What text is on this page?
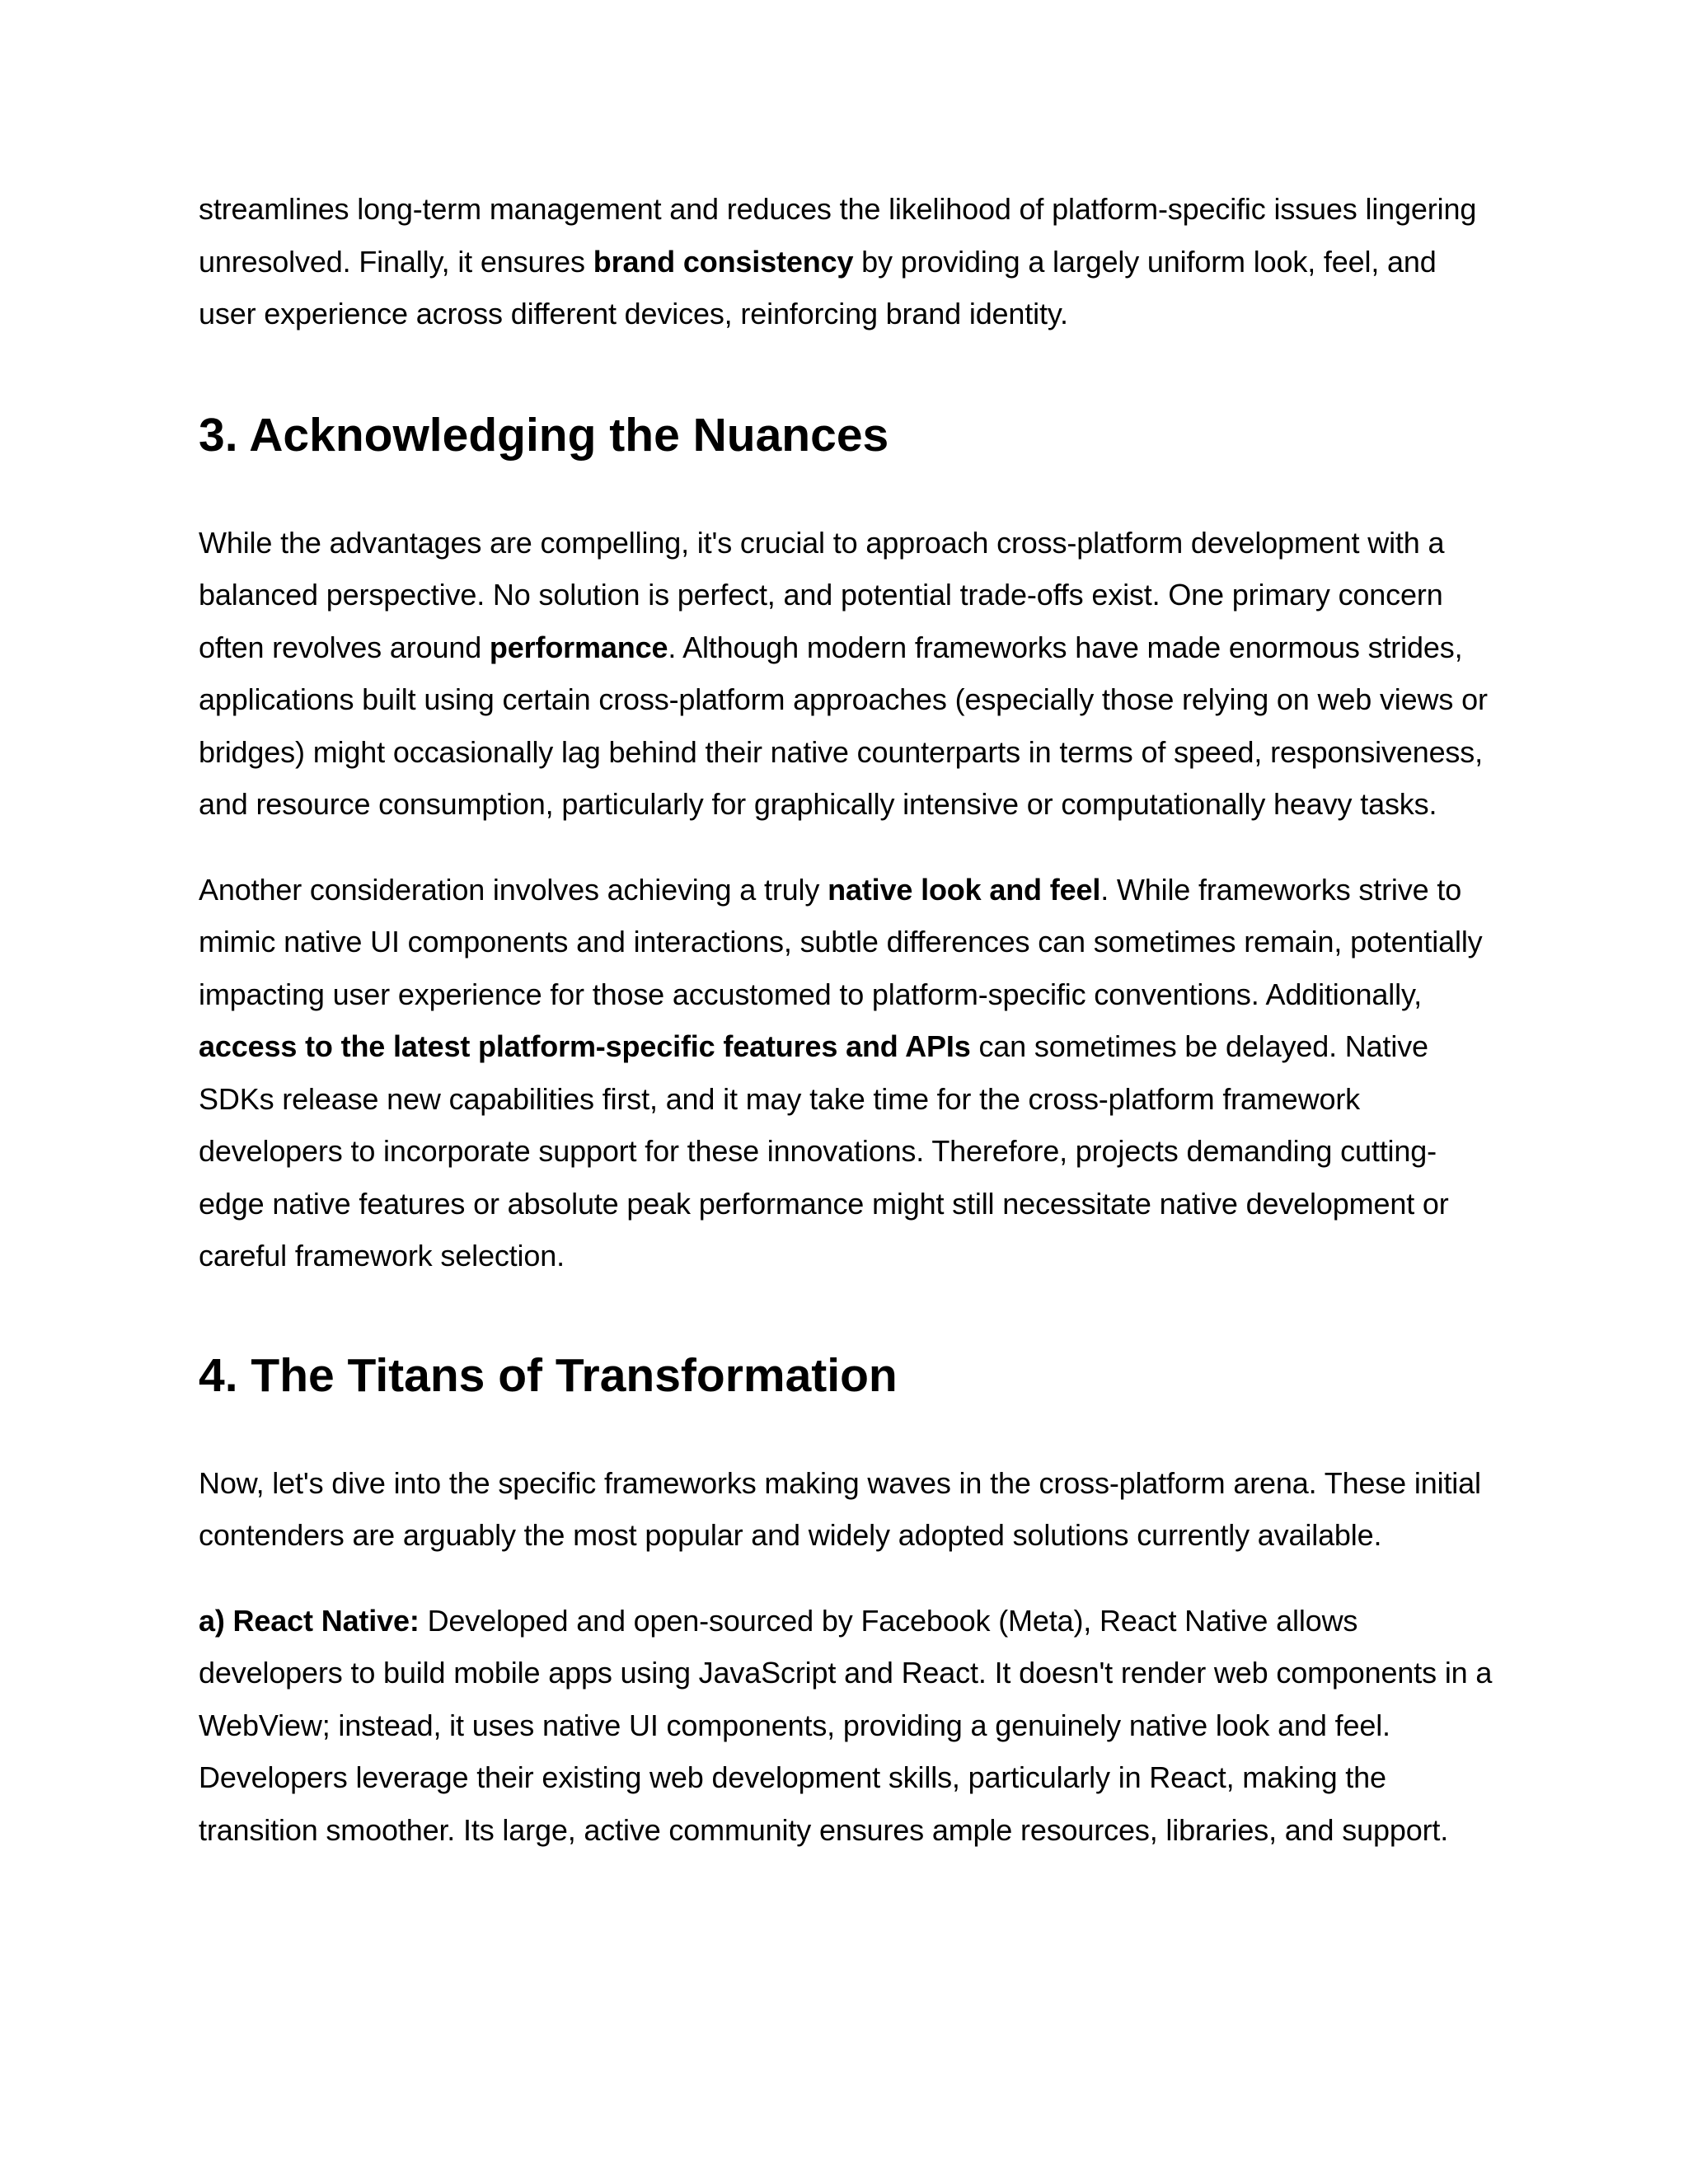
streamlines long-term management and reduces the likelihood of platform-specific issues lingering unresolved. Finally, it ensures brand consistency by providing a largely uniform look, feel, and user experience across different devices, reinforcing brand identity.

3. Acknowledging the Nuances

While the advantages are compelling, it's crucial to approach cross-platform development with a balanced perspective. No solution is perfect, and potential trade-offs exist. One primary concern often revolves around performance. Although modern frameworks have made enormous strides, applications built using certain cross-platform approaches (especially those relying on web views or bridges) might occasionally lag behind their native counterparts in terms of speed, responsiveness, and resource consumption, particularly for graphically intensive or computationally heavy tasks.

Another consideration involves achieving a truly native look and feel. While frameworks strive to mimic native UI components and interactions, subtle differences can sometimes remain, potentially impacting user experience for those accustomed to platform-specific conventions. Additionally, access to the latest platform-specific features and APIs can sometimes be delayed. Native SDKs release new capabilities first, and it may take time for the cross-platform framework developers to incorporate support for these innovations. Therefore, projects demanding cutting-edge native features or absolute peak performance might still necessitate native development or careful framework selection.

4. The Titans of Transformation

Now, let's dive into the specific frameworks making waves in the cross-platform arena. These initial contenders are arguably the most popular and widely adopted solutions currently available.

a) React Native: Developed and open-sourced by Facebook (Meta), React Native allows developers to build mobile apps using JavaScript and React. It doesn't render web components in a WebView; instead, it uses native UI components, providing a genuinely native look and feel. Developers leverage their existing web development skills, particularly in React, making the transition smoother. Its large, active community ensures ample resources, libraries, and support.
